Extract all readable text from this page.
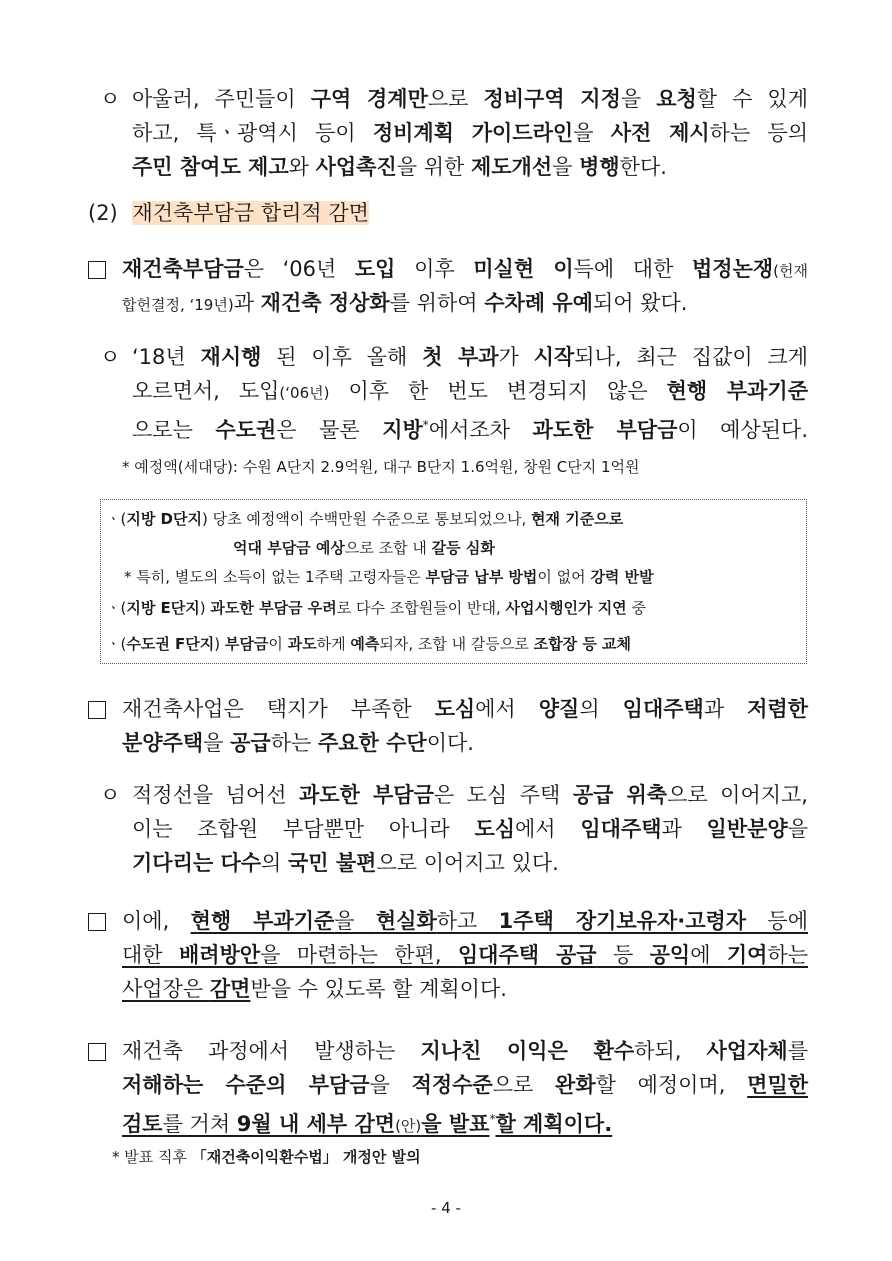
ㅇ 아울러, 주민들이 구역 경계만으로 정비구역 지정을 요청할 수 있게
하고, 특ㆍ광역시 등이 정비계획 가이드라인을 사전 제시하는 등의
주민 참여도 제고와 사업촉진을 위한 제도개선을 병행한다.
(2) 재건축부담금 합리적 감면
재건축부담금은 ‘06년 도입 이후 미실현 이득에 대한 법정논쟁(헌재
합헌결정, ‘19년)과 재건축 정상화를 위하여 수차례 유예되어 왔다.
ㅇ ‘18년 재시행 된 이후 올해 첫 부과가 시작되나, 최근 집값이 크게
오르면서, 도입(‘06년) 이후 한 번도 변경되지 않은 현행 부과기준
으로는 수도권은 물론 지방*에서조차 과도한 부담금이 예상된다.
* 예정액(세대당): 수원 A단지 2.9억원, 대구 B단지 1.6억원, 창원 C단지 1억원
ㆍ(지방 D단지) 당초 예정액이 수백만원 수준으로 통보되었으나, 현재 기준으로
억대 부담금 예상으로 조합 내 갈등 심화
* 특히, 별도의 소득이 없는 1주택 고령자들은 부담금 납부 방법이 없어 강력 반발
ㆍ(지방 E단지) 과도한 부담금 우려로 다수 조합원들이 반대, 사업시행인가 지연 중
ㆍ(수도권 F단지) 부담금이 과도하게 예측되자, 조합 내 갈등으로 조합장 등 교체
재건축사업은 택지가 부족한 도심에서 양질의 임대주택과 저렴한
분양주택을 공급하는 주요한 수단이다.
ㅇ 적정선을 넘어선 과도한 부담금은 도심 주택 공급 위축으로 이어지고,
이는 조합원 부담뿐만 아니라 도심에서 임대주택과 일반분양을
기다리는 다수의 국민 불편으로 이어지고 있다.
이에, 현행 부과기준을 현실화하고 1주택 장기보유자·고령자 등에
대한 배려방안을 마련하는 한편, 임대주택 공급 등 공익에 기여하는
사업장은 감면받을 수 있도록 할 계획이다.
재건축 과정에서 발생하는 지나친 이익은 환수하되, 사업자체를
저해하는 수준의 부담금을 적정수준으로 완화할 예정이며, 면밀한
검토를 거쳐 9월 내 세부 감면(안)을 발표*할 계획이다.
* 발표 직후 「재건축이익환수법」 개정안 발의
- 4 -
